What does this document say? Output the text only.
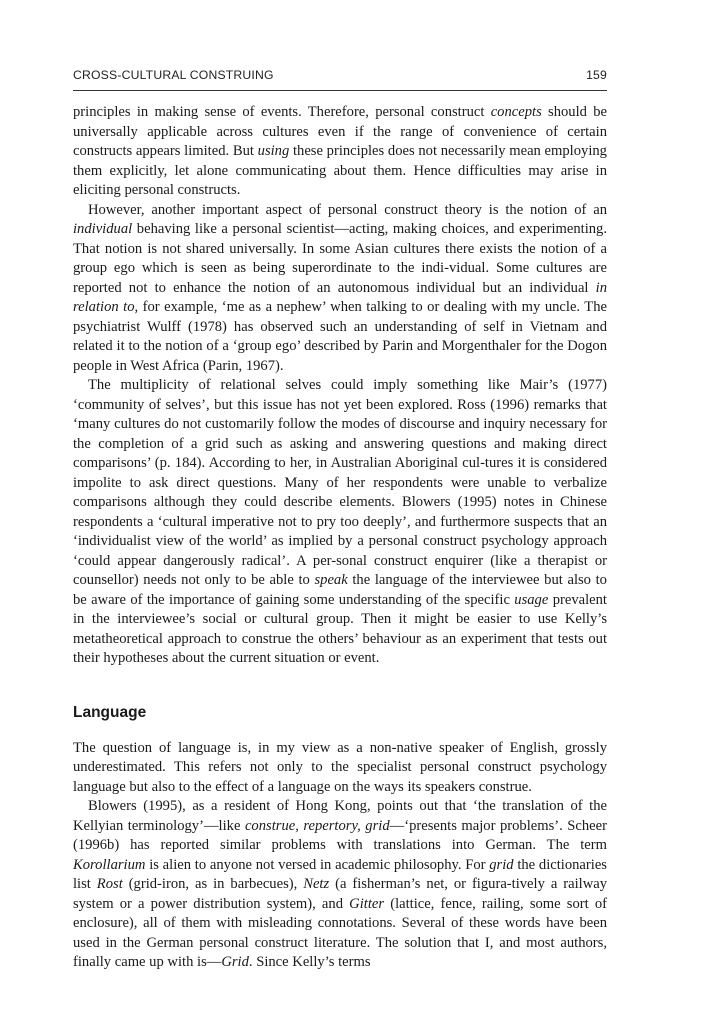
CROSS-CULTURAL CONSTRUING	159

principles in making sense of events. Therefore, personal construct concepts should be universally applicable across cultures even if the range of convenience of certain constructs appears limited. But using these principles does not necessarily mean employing them explicitly, let alone communicating about them. Hence difficulties may arise in eliciting personal constructs.

However, another important aspect of personal construct theory is the notion of an individual behaving like a personal scientist—acting, making choices, and experimenting. That notion is not shared universally. In some Asian cultures there exists the notion of a group ego which is seen as being superordinate to the indi-vidual. Some cultures are reported not to enhance the notion of an autonomous individual but an individual in relation to, for example, ‘me as a nephew’ when talking to or dealing with my uncle. The psychiatrist Wulff (1978) has observed such an understanding of self in Vietnam and related it to the notion of a ‘group ego’ described by Parin and Morgenthaler for the Dogon people in West Africa (Parin, 1967).

The multiplicity of relational selves could imply something like Mair’s (1977) ‘community of selves’, but this issue has not yet been explored. Ross (1996) remarks that ‘many cultures do not customarily follow the modes of discourse and inquiry necessary for the completion of a grid such as asking and answering questions and making direct comparisons’ (p. 184). According to her, in Australian Aboriginal cul-tures it is considered impolite to ask direct questions. Many of her respondents were unable to verbalize comparisons although they could describe elements. Blowers (1995) notes in Chinese respondents a ‘cultural imperative not to pry too deeply’, and furthermore suspects that an ‘individualist view of the world’ as implied by a personal construct psychology approach ‘could appear dangerously radical’. A per-sonal construct enquirer (like a therapist or counsellor) needs not only to be able to speak the language of the interviewee but also to be aware of the importance of gaining some understanding of the specific usage prevalent in the interviewee’s social or cultural group. Then it might be easier to use Kelly’s metatheoretical approach to construe the others’ behaviour as an experiment that tests out their hypotheses about the current situation or event.

Language

The question of language is, in my view as a non-native speaker of English, grossly underestimated. This refers not only to the specialist personal construct psychology language but also to the effect of a language on the ways its speakers construe.

Blowers (1995), as a resident of Hong Kong, points out that ‘the translation of the Kellyian terminology’—like construe, repertory, grid—‘presents major problems’. Scheer (1996b) has reported similar problems with translations into German. The term Korollarium is alien to anyone not versed in academic philosophy. For grid the dictionaries list Rost (grid-iron, as in barbecues), Netz (a fisherman’s net, or figura-tively a railway system or a power distribution system), and Gitter (lattice, fence, railing, some sort of enclosure), all of them with misleading connotations. Several of these words have been used in the German personal construct literature. The solution that I, and most authors, finally came up with is—Grid. Since Kelly’s terms
